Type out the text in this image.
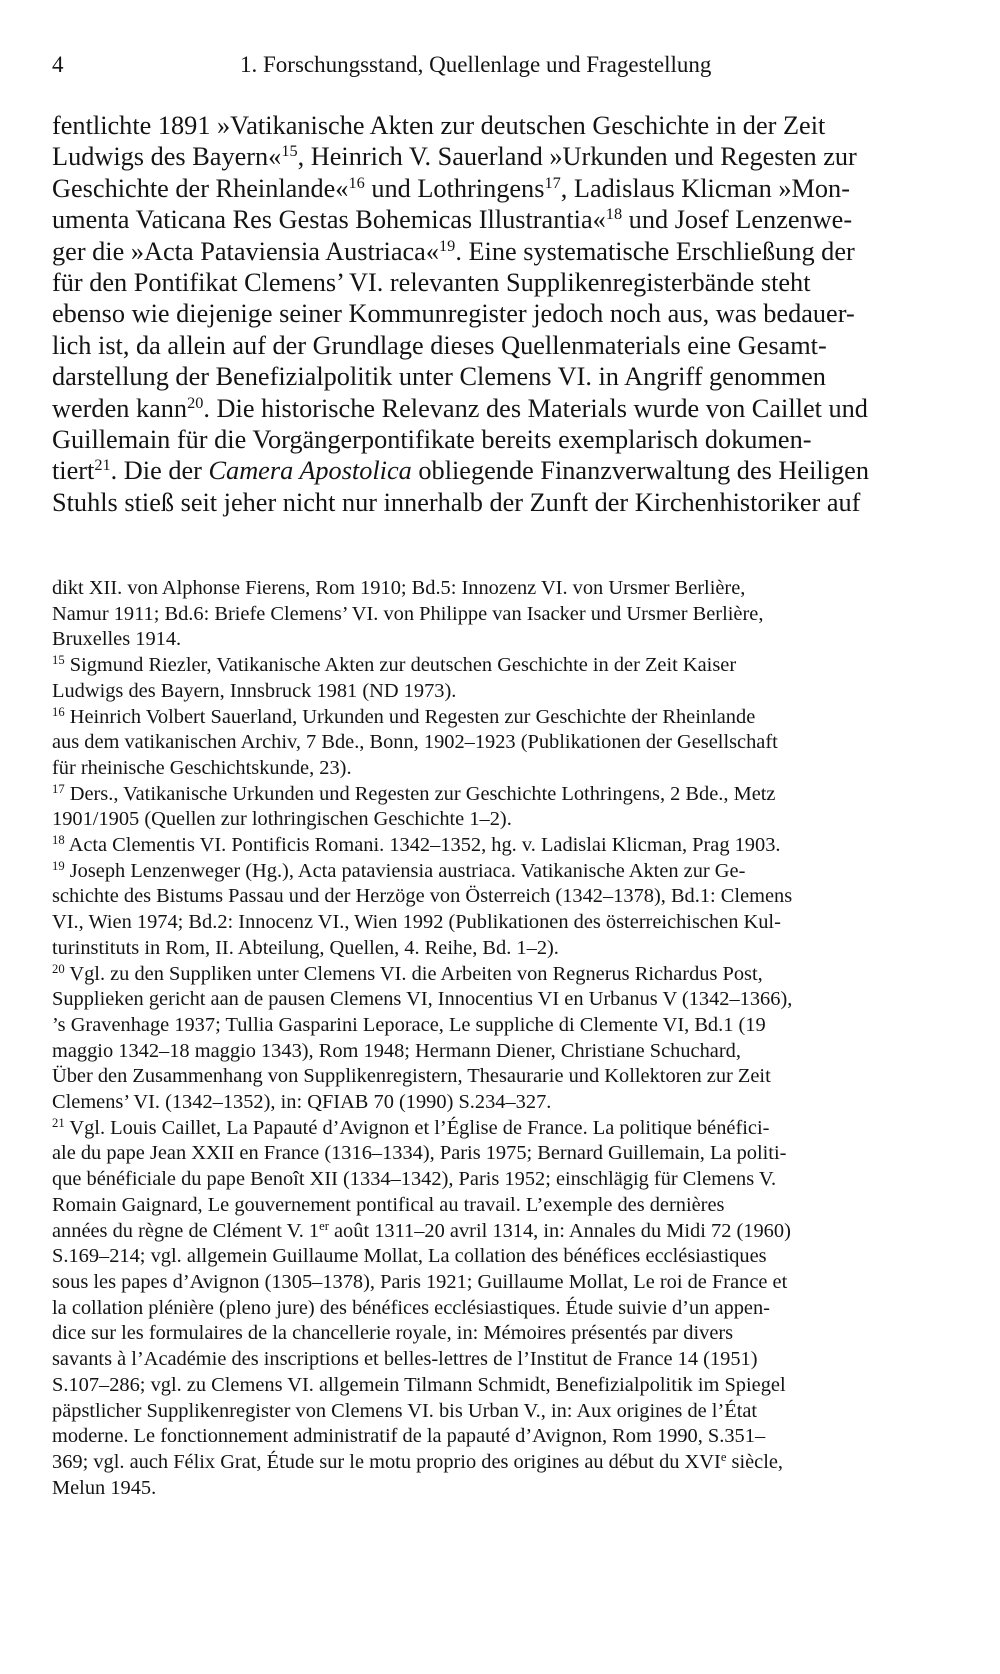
4	1. Forschungsstand, Quellenlage und Fragestellung
fentlichte 1891 »Vatikanische Akten zur deutschen Geschichte in der Zeit
Ludwigs des Bayern«$^{15}$, Heinrich V. Sauerland »Urkunden und Regesten zur
Geschichte der Rheinlande«$^{16}$ und Lothringens$^{17}$, Ladislaus Klicman »Mon-
umenta Vaticana Res Gestas Bohemicas Illustrantia«$^{18}$ und Josef Lenzenwe-
ger die »Acta Pataviensia Austriaca«$^{19}$. Eine systematische Erschließung der
für den Pontifikat Clemens’ VI. relevanten Supplikenregisterbände steht
ebenso wie diejenige seiner Kommunregister jedoch noch aus, was bedauer-
lich ist, da allein auf der Grundlage dieses Quellenmaterials eine Gesamt-
darstellung der Benefizialpolitik unter Clemens VI. in Angriff genommen
werden kann$^{20}$. Die historische Relevanz des Materials wurde von Caillet und
Guillemain für die Vorgängerpontifikate bereits exemplarisch dokumen-
tiert$^{21}$. Die der Camera Apostolica obliegende Finanzverwaltung des Heiligen
Stuhls stieß seit jeher nicht nur innerhalb der Zunft der Kirchenhistoriker auf
dikt XII. von Alphonse Fierens, Rom 1910; Bd.5: Innozenz VI. von Ursmer Berlière,
Namur 1911; Bd.6: Briefe Clemens’ VI. von Philippe van Isacker und Ursmer Berlière,
Bruxelles 1914.
$^{15}$ Sigmund Riezler, Vatikanische Akten zur deutschen Geschichte in der Zeit Kaiser
Ludwigs des Bayern, Innsbruck 1981 (ND 1973).
$^{16}$ Heinrich Volbert Sauerland, Urkunden und Regesten zur Geschichte der Rheinlande
aus dem vatikanischen Archiv, 7 Bde., Bonn, 1902–1923 (Publikationen der Gesellschaft
für rheinische Geschichtskunde, 23).
$^{17}$ Ders., Vatikanische Urkunden und Regesten zur Geschichte Lothringens, 2 Bde., Metz
1901/1905 (Quellen zur lothringischen Geschichte 1–2).
$^{18}$ Acta Clementis VI. Pontificis Romani. 1342–1352, hg. v. Ladislai Klicman, Prag 1903.
$^{19}$ Joseph Lenzenweger (Hg.), Acta pataviensia austriaca. Vatikanische Akten zur Ge-
schichte des Bistums Passau und der Herzöge von Österreich (1342–1378), Bd.1: Clemens
VI., Wien 1974; Bd.2: Innocenz VI., Wien 1992 (Publikationen des österreichischen Kul-
turinstituts in Rom, II. Abteilung, Quellen, 4. Reihe, Bd. 1–2).
$^{20}$ Vgl. zu den Suppliken unter Clemens VI. die Arbeiten von Regnerus Richardus Post,
Supplieken gericht aan de pausen Clemens VI, Innocentius VI en Urbanus V (1342–1366),
’s Gravenhage 1937; Tullia Gasparini Leporace, Le suppliche di Clemente VI, Bd.1 (19
maggio 1342–18 maggio 1343), Rom 1948; Hermann Diener, Christiane Schuchard,
Über den Zusammenhang von Supplikenregistern, Thesaurarie und Kollektoren zur Zeit
Clemens’ VI. (1342–1352), in: QFIAB 70 (1990) S.234–327.
$^{21}$ Vgl. Louis Caillet, La Papauté d’Avignon et l’Église de France. La politique bénéfici-
ale du pape Jean XXII en France (1316–1334), Paris 1975; Bernard Guillemain, La politi-
que bénéficiale du pape Benoît XII (1334–1342), Paris 1952; einschlägig für Clemens V.
Romain Gaignard, Le gouvernement pontifical au travail. L’exemple des dernières
années du règne de Clément V. 1er août 1311–20 avril 1314, in: Annales du Midi 72 (1960)
S.169–214; vgl. allgemein Guillaume Mollat, La collation des bénéfices ecclésiastiques
sous les papes d’Avignon (1305–1378), Paris 1921; Guillaume Mollat, Le roi de France et
la collation plénière (pleno jure) des bénéfices ecclésiastiques. Étude suivie d’un appen-
dice sur les formulaires de la chancellerie royale, in: Mémoires présentés par divers
savants à l’Académie des inscriptions et belles-lettres de l’Institut de France 14 (1951)
S.107–286; vgl. zu Clemens VI. allgemein Tilmann Schmidt, Benefizialpolitik im Spiegel
päpstlicher Supplikenregister von Clemens VI. bis Urban V., in: Aux origines de l’État
moderne. Le fonctionnement administratif de la papauté d’Avignon, Rom 1990, S.351–
369; vgl. auch Félix Grat, Étude sur le motu proprio des origines au début du XVIe siècle,
Melun 1945.
